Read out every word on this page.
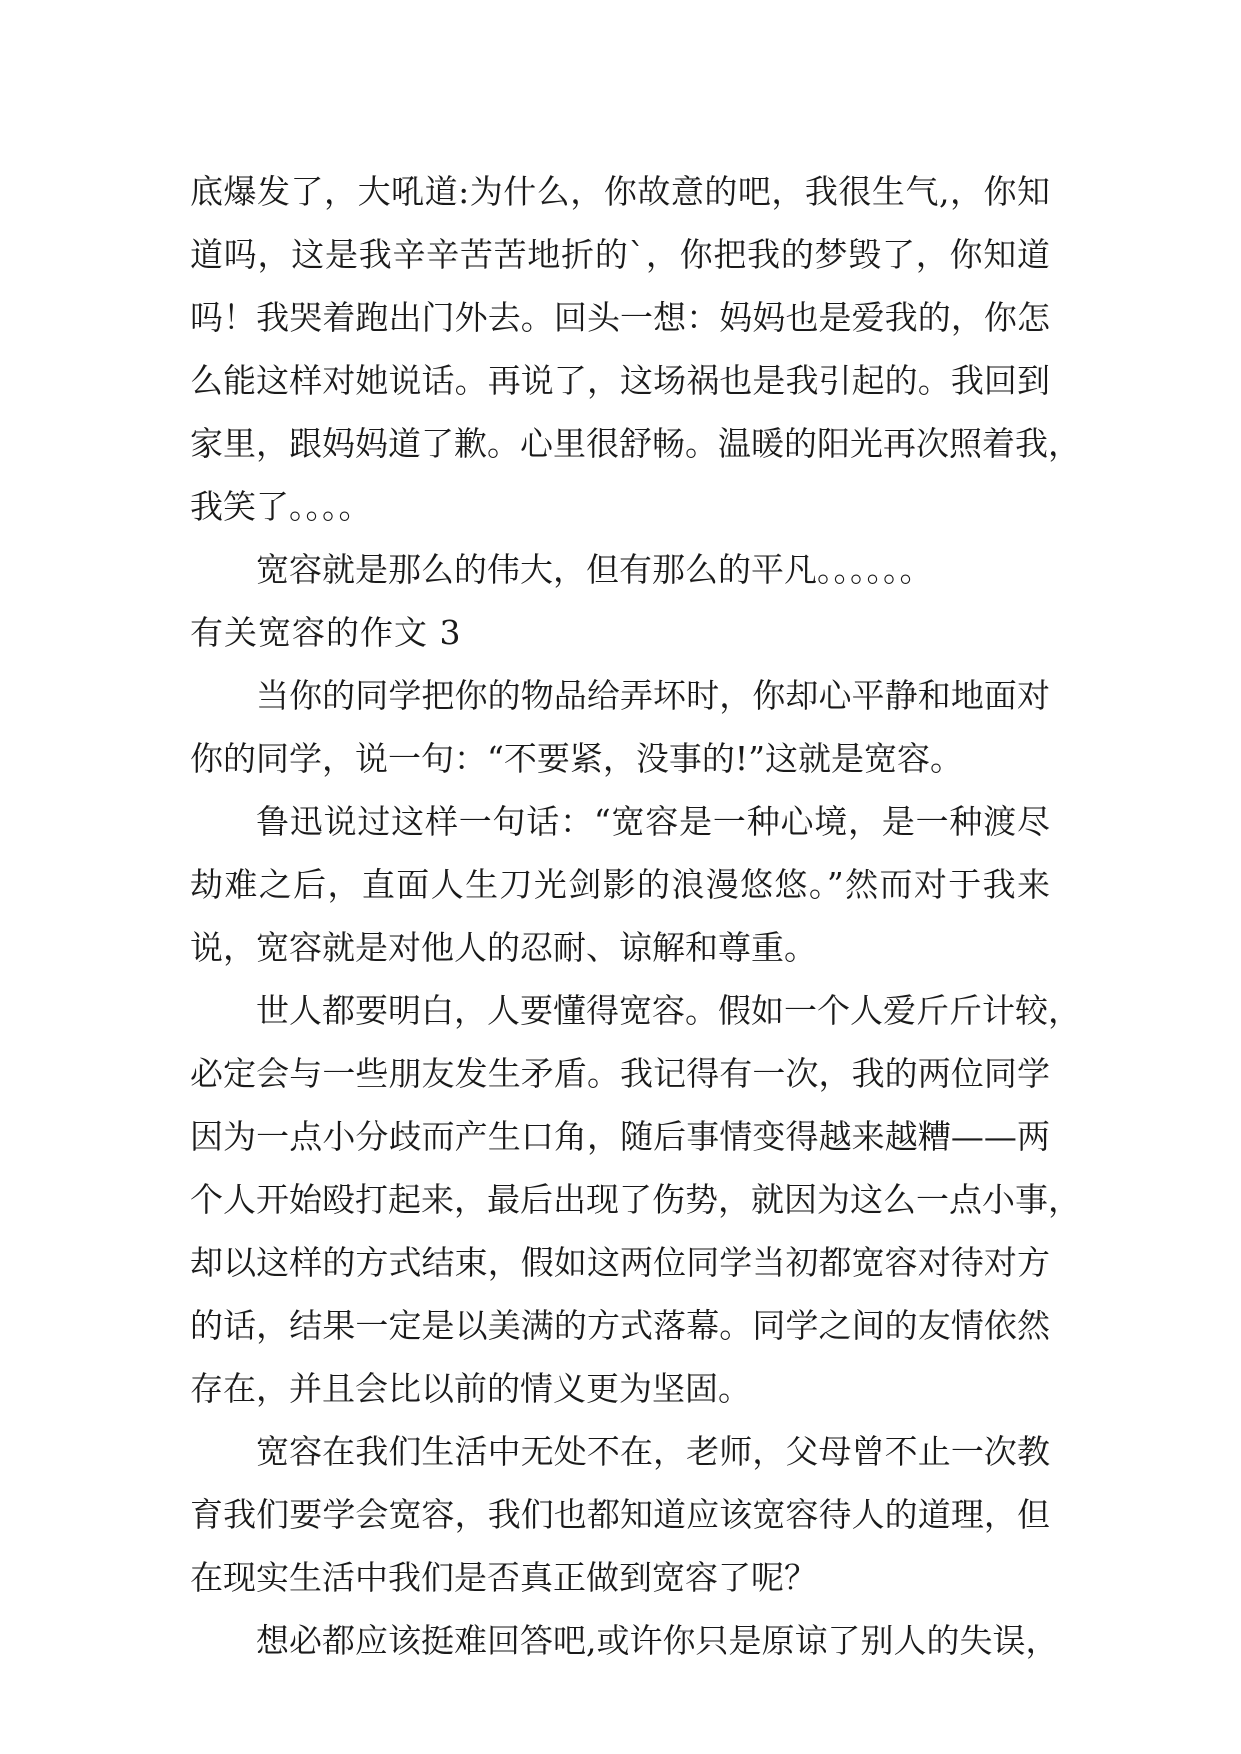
底爆发了，大吼道:为什么，你故意的吧，我很生气,，你知
道吗，这是我辛辛苦苦地折的`，你把我的梦毁了，你知道
吗！我哭着跑出门外去。回头一想：妈妈也是爱我的，你怎
么能这样对她说话。再说了，这场祸也是我引起的。我回到
家里，跟妈妈道了歉。心里很舒畅。温暖的阳光再次照着我，
我笑了。。。。
宽容就是那么的伟大，但有那么的平凡。。。。。。
有关宽容的作文 3
当你的同学把你的物品给弄坏时，你却心平静和地面对
你的同学，说一句：“不要紧，没事的!”这就是宽容。
鲁迅说过这样一句话：“宽容是一种心境，是一种渡尽
劫难之后，直面人生刀光剑影的浪漫悠悠。”然而对于我来
说，宽容就是对他人的忍耐、谅解和尊重。
世人都要明白，人要懂得宽容。假如一个人爱斤斤计较，
必定会与一些朋友发生矛盾。我记得有一次，我的两位同学
因为一点小分歧而产生口角，随后事情变得越来越糟——两
个人开始殴打起来，最后出现了伤势，就因为这么一点小事，
却以这样的方式结束，假如这两位同学当初都宽容对待对方
的话，结果一定是以美满的方式落幕。同学之间的友情依然
存在，并且会比以前的情义更为坚固。
宽容在我们生活中无处不在，老师，父母曾不止一次教
育我们要学会宽容，我们也都知道应该宽容待人的道理，但
在现实生活中我们是否真正做到宽容了呢？
想必都应该挺难回答吧,或许你只是原谅了别人的失误，
